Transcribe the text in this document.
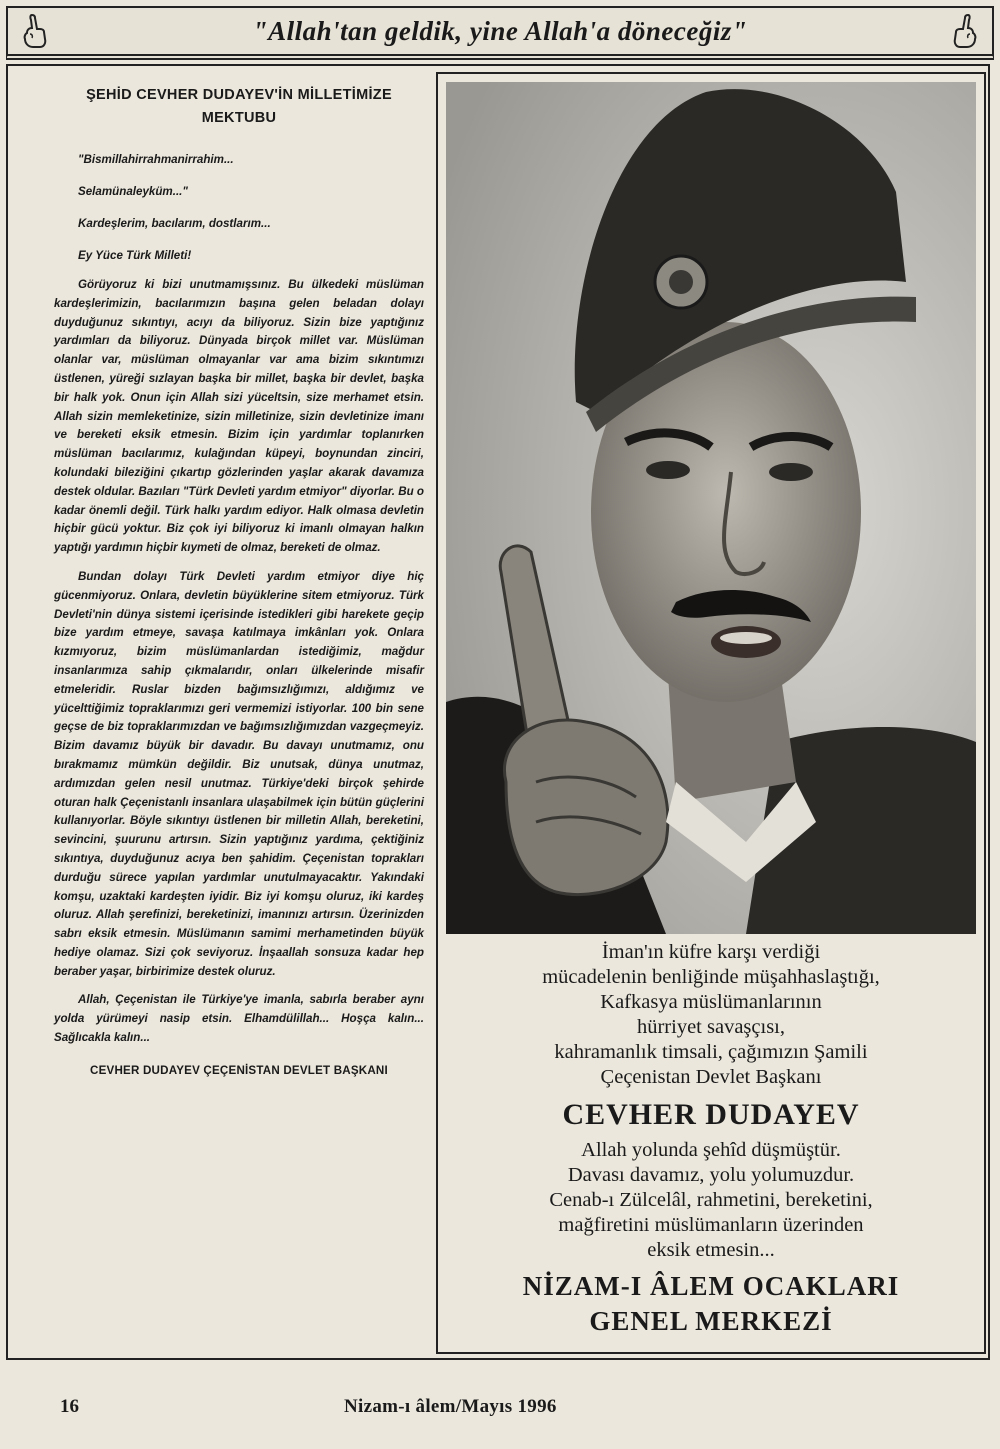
"Allah'tan geldik, yine Allah'a döneceğiz"
ŞEHİD CEVHER DUDAYEV'İN MİLLETİMİZE
MEKTUBU

"Bismillahirrahmanirrahim...

Selamünaleyküm..."

Kardeşlerim, bacılarım, dostlarım...

Ey Yüce Türk Milleti!

Görüyoruz ki bizi unutmamışsınız. Bu ülkedeki müslüman kardeşlerimizin, bacılarımızın başına gelen beladan dolayı duyduğunuz sıkıntıyı, acıyı da biliyoruz. Sizin bize yaptığınız yardımları da biliyoruz. Dünyada birçok millet var. Müslüman olanlar var, müslüman olmayanlar var ama bizim sıkıntımızı üstlenen, yüreği sızlayan başka bir millet, başka bir devlet, başka bir halk yok. Onun için Allah sizi yüceltsin, size merhamet etsin. Allah sizin memleketinize, sizin milletinize, sizin devletinize imanı ve bereketi eksik etmesin. Bizim için yardımlar toplanırken müslüman bacılarımız, kulağından küpeyi, boynundan zinciri, kolundaki bileziğini çıkartıp gözlerinden yaşlar akarak davamıza destek oldular. Bazıları "Türk Devleti yardım etmiyor" diyorlar. Bu o kadar önemli değil. Türk halkı yardım ediyor. Halk olmasa devletin hiçbir gücü yoktur. Biz çok iyi biliyoruz ki imanlı olmayan halkın yaptığı yardımın hiçbir kıymeti de olmaz, bereketi de olmaz.

Bundan dolayı Türk Devleti yardım etmiyor diye hiç gücenmiyoruz. Onlara, devletin büyüklerine sitem etmiyoruz. Türk Devleti'nin dünya sistemi içerisinde istedikleri gibi harekete geçip bize yardım etmeye, savaşa katılmaya imkânları yok. Onlara kızmıyoruz, bizim müslümanlardan istediğimiz, mağdur insanlarımıza sahip çıkmalarıdır, onları ülkelerinde misafir etmeleridir. Ruslar bizden bağımsızlığımızı, aldığımız ve yücelttiğimiz topraklarımızı geri vermemizi istiyorlar. 100 bin sene geçse de biz topraklarımızdan ve bağımsızlığımızdan vazgeçmeyiz. Bizim davamız büyük bir davadır. Bu davayı unutmamız, onu bırakmamız mümkün değildir. Biz unutsak, dünya unutmaz, ardımızdan gelen nesil unutmaz. Türkiye'deki birçok şehirde oturan halk Çeçenistanlı insanlara ulaşabilmek için bütün güçlerini kullanıyorlar. Böyle sıkıntıyı üstlenen bir milletin Allah, bereketini, sevincini, şuurunu artırsın. Sizin yaptığınız yardıma, çektiğiniz sıkıntıya, duyduğunuz acıya ben şahidim. Çeçenistan toprakları durduğu sürece yapılan yardımlar unutulmayacaktır. Yakındaki komşu, uzaktaki kardeşten iyidir. Biz iyi komşu oluruz, iki kardeş oluruz. Allah şerefinizi, bereketinizi, imanınızı artırsın. Üzerinizden sabrı eksik etmesin. Müslümanın samimi merhametinden büyük hediye olamaz. Sizi çok seviyoruz. İnşaallah sonsuza kadar hep beraber yaşar, birbirimize destek oluruz.

Allah, Çeçenistan ile Türkiye'ye imanla, sabırla beraber aynı yolda yürümeyi nasip etsin. Elhamdülillah... Hoşça kalın... Sağlıcakla kalın...

CEVHER DUDAYEV ÇEÇENİSTAN DEVLET BAŞKANI
İman'ın küfre karşı verdiği
mücadelenin benliğinde müşahhaslaştığı,
Kafkasya müslümanlarının
hürriyet savaşçısı,
kahramanlık timsali, çağımızın Şamili
Çeçenistan Devlet Başkanı
CEVHER DUDAYEV
Allah yolunda şehîd düşmüştür.
Davası davamız, yolu yolumuzdur.
Cenab-ı Zülcelâl, rahmetini, bereketini,
mağfiretini müslümanların üzerinden
eksik etmesin...
NİZAM-I ÂLEM OCAKLARI
GENEL MERKEZİ
16	Nizam-ı âlem/Mayıs 1996
